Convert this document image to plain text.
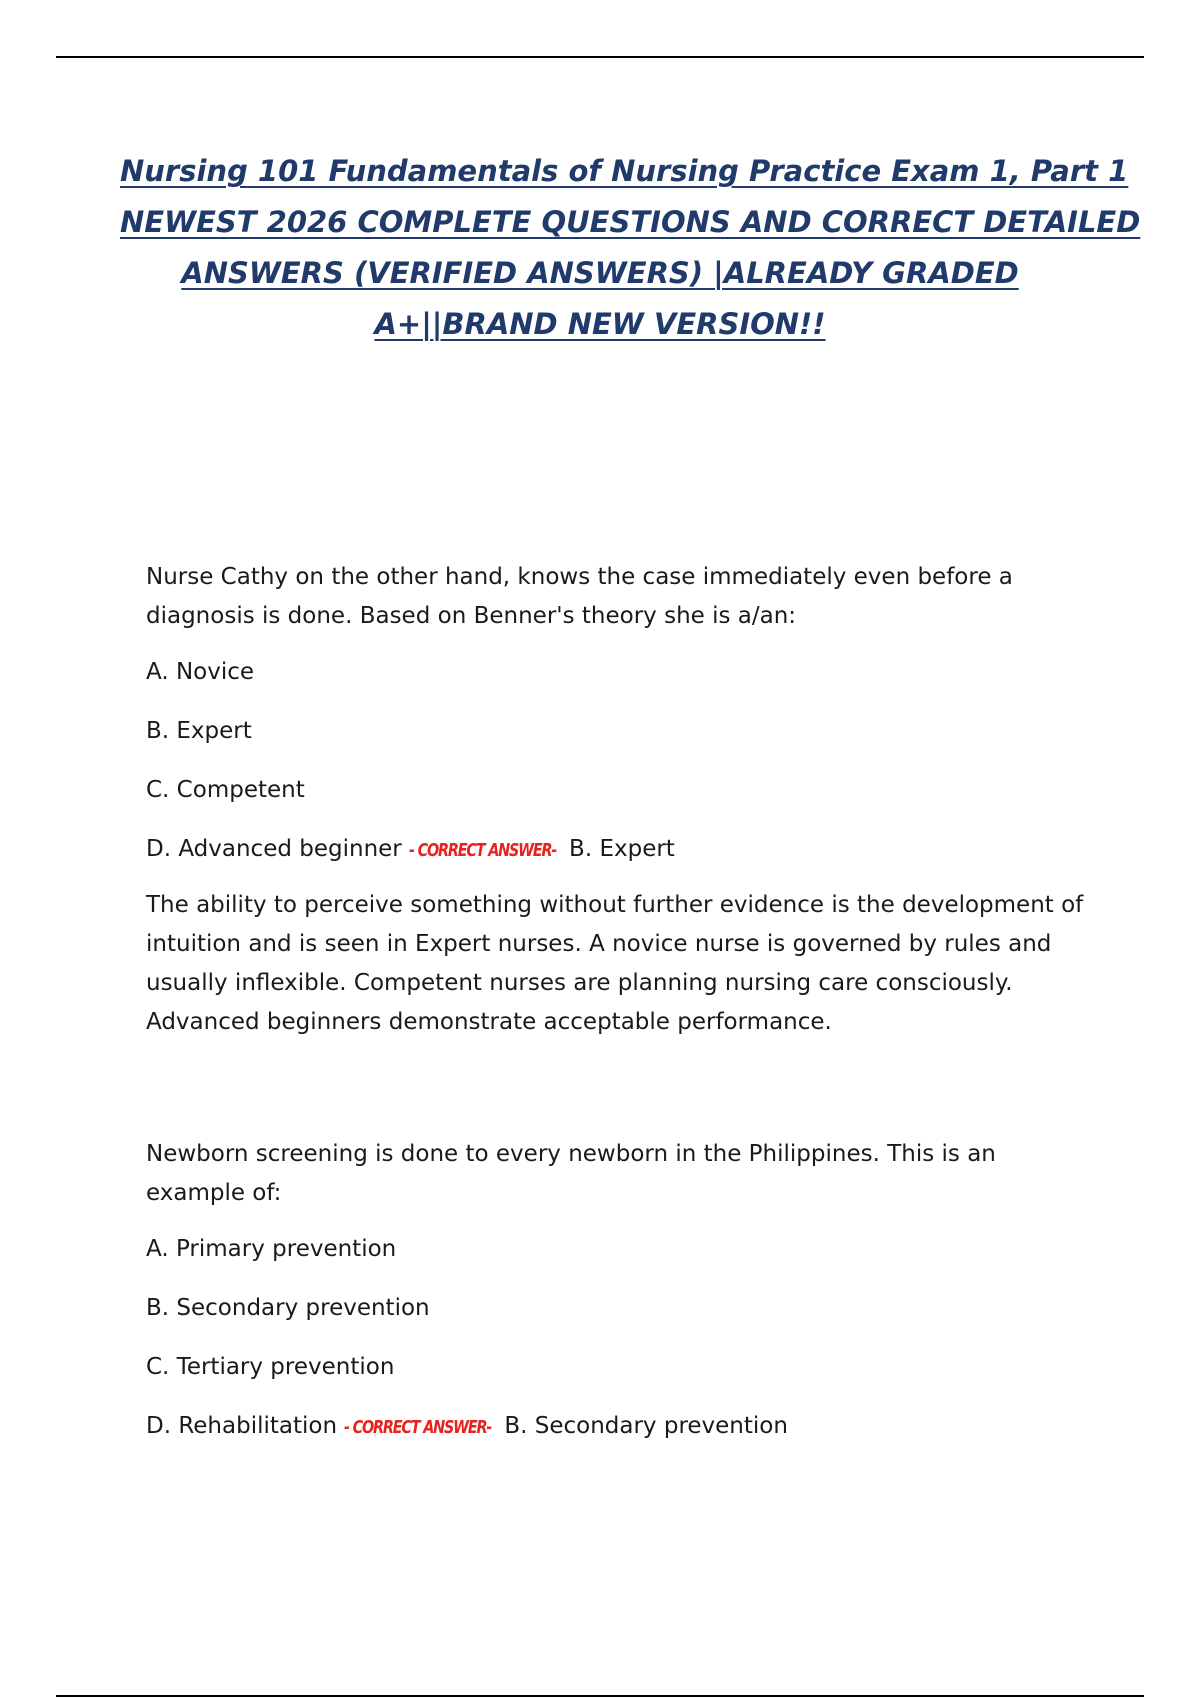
Nursing 101 Fundamentals of Nursing Practice Exam 1, Part 1
NEWEST 2026 COMPLETE QUESTIONS AND CORRECT DETAILED
ANSWERS (VERIFIED ANSWERS) |ALREADY GRADED
A+||BRAND NEW VERSION!!

Nurse Cathy on the other hand, knows the case immediately even before a

diagnosis is done. Based on Benner's theory she is a/an:

A. Novice

B. Expert

C. Competent

D. Advanced beginner - CORRECT ANSWER- B. Expert

The ability to perceive something without further evidence is the development of

intuition and is seen in Expert nurses. A novice nurse is governed by rules and

usually inflexible. Competent nurses are planning nursing care consciously.

Advanced beginners demonstrate acceptable performance.

Newborn screening is done to every newborn in the Philippines. This is an

example of:

A. Primary prevention

B. Secondary prevention

C. Tertiary prevention

D. Rehabilitation - CORRECT ANSWER- B. Secondary prevention
